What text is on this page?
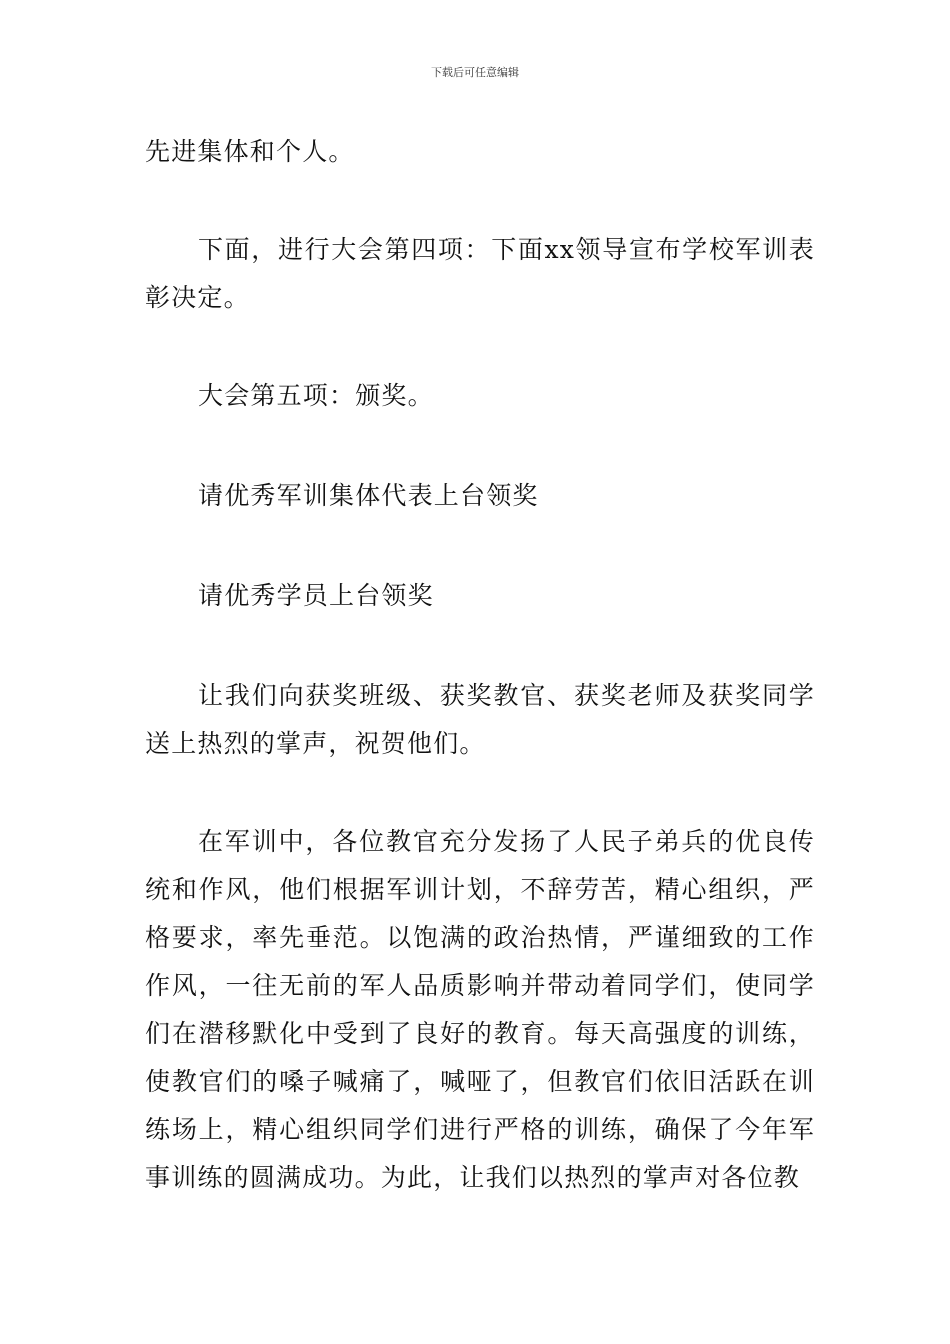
下载后可任意编辑

先进集体和个人。

下面，进行大会第四项：下面xx领导宣布学校军训表彰决定。

大会第五项：颁奖。

请优秀军训集体代表上台领奖

请优秀学员上台领奖

让我们向获奖班级、获奖教官、获奖老师及获奖同学送上热烈的掌声，祝贺他们。

在军训中，各位教官充分发扬了人民子弟兵的优良传统和作风，他们根据军训计划，不辞劳苦，精心组织，严格要求，率先垂范。以饱满的政治热情，严谨细致的工作作风，一往无前的军人品质影响并带动着同学们，使同学们在潜移默化中受到了良好的教育。每天高强度的训练，使教官们的嗓子喊痛了，喊哑了，但教官们依旧活跃在训练场上，精心组织同学们进行严格的训练，确保了今年军事训练的圆满成功。为此，让我们以热烈的掌声对各位教
